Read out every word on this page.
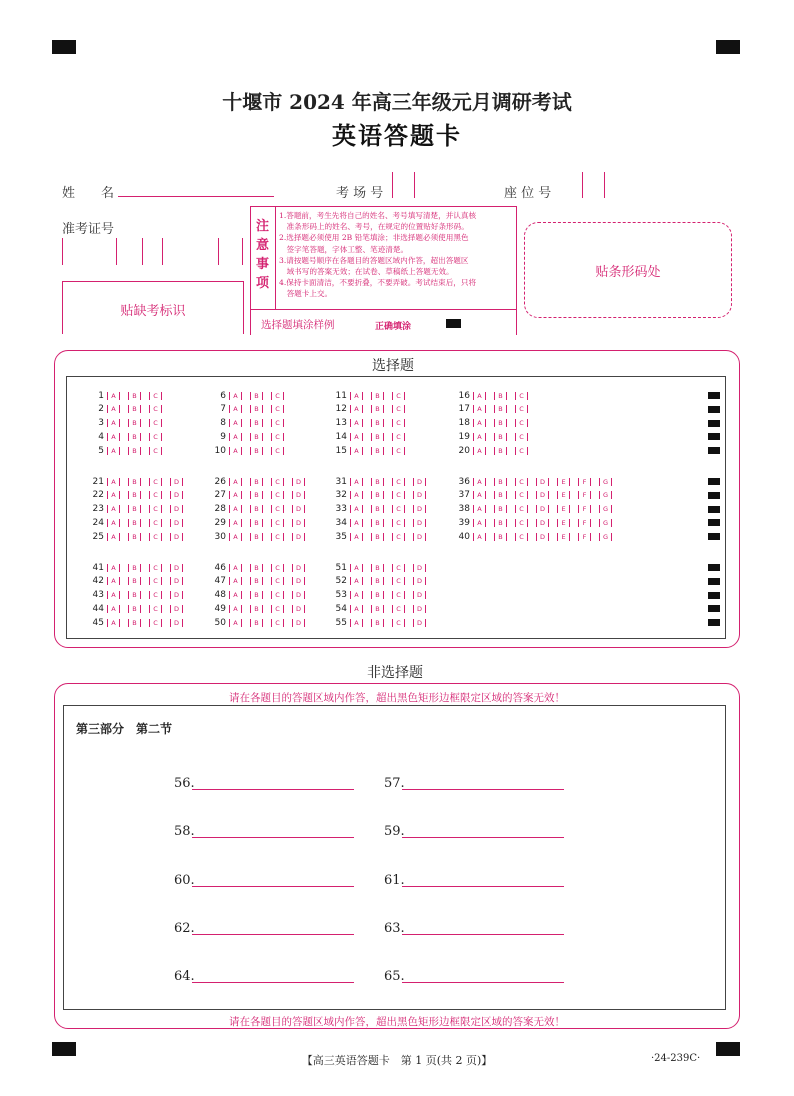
十堰市 2024 年高三年级元月调研考试
英语答题卡
姓　　名	考 场 号	座 位 号
准考证号
贴缺考标识
注
意
事
项
1.答题前，考生先将自己的姓名、考号填写清楚，并认真核
　准条形码上的姓名、考号，在规定的位置贴好条形码。
2.选择题必须使用 2B 铅笔填涂；非选择题必须使用黑色
　签字笔答题，字体工整、笔迹清楚。
3.请按题号顺序在各题目的答题区域内作答，超出答题区
　域书写的答案无效；在试卷、草稿纸上答题无效。
4.保持卡面清洁，不要折叠，不要弄破。考试结束后，只将
　答题卡上交。
选择题填涂样例	正确填涂
贴条形码处
选择题
1	A	B	C
2	A	B	C
3	A	B	C
4	A	B	C
5	A	B	C
6	A	B	C
7	A	B	C
8	A	B	C
9	A	B	C
10	A	B	C
11	A	B	C
12	A	B	C
13	A	B	C
14	A	B	C
15	A	B	C
16	A	B	C
17	A	B	C
18	A	B	C
19	A	B	C
20	A	B	C
21	A	B	C	D
22	A	B	C	D
23	A	B	C	D
24	A	B	C	D
25	A	B	C	D
26	A	B	C	D
27	A	B	C	D
28	A	B	C	D
29	A	B	C	D
30	A	B	C	D
31	A	B	C	D
32	A	B	C	D
33	A	B	C	D
34	A	B	C	D
35	A	B	C	D
36	A	B	C	D	E	F	G
37	A	B	C	D	E	F	G
38	A	B	C	D	E	F	G
39	A	B	C	D	E	F	G
40	A	B	C	D	E	F	G
41	A	B	C	D
42	A	B	C	D
43	A	B	C	D
44	A	B	C	D
45	A	B	C	D
46	A	B	C	D
47	A	B	C	D
48	A	B	C	D
49	A	B	C	D
50	A	B	C	D
51	A	B	C	D
52	A	B	C	D
53	A	B	C	D
54	A	B	C	D
55	A	B	C	D
非选择题
请在各题目的答题区域内作答，超出黑色矩形边框限定区域的答案无效！
第三部分　第二节
56.	57.
58.	59.
60.	61.
62.	63.
64.	65.
请在各题目的答题区域内作答，超出黑色矩形边框限定区域的答案无效！
【高三英语答题卡　第 1 页(共 2 页)】	·24-239C·
